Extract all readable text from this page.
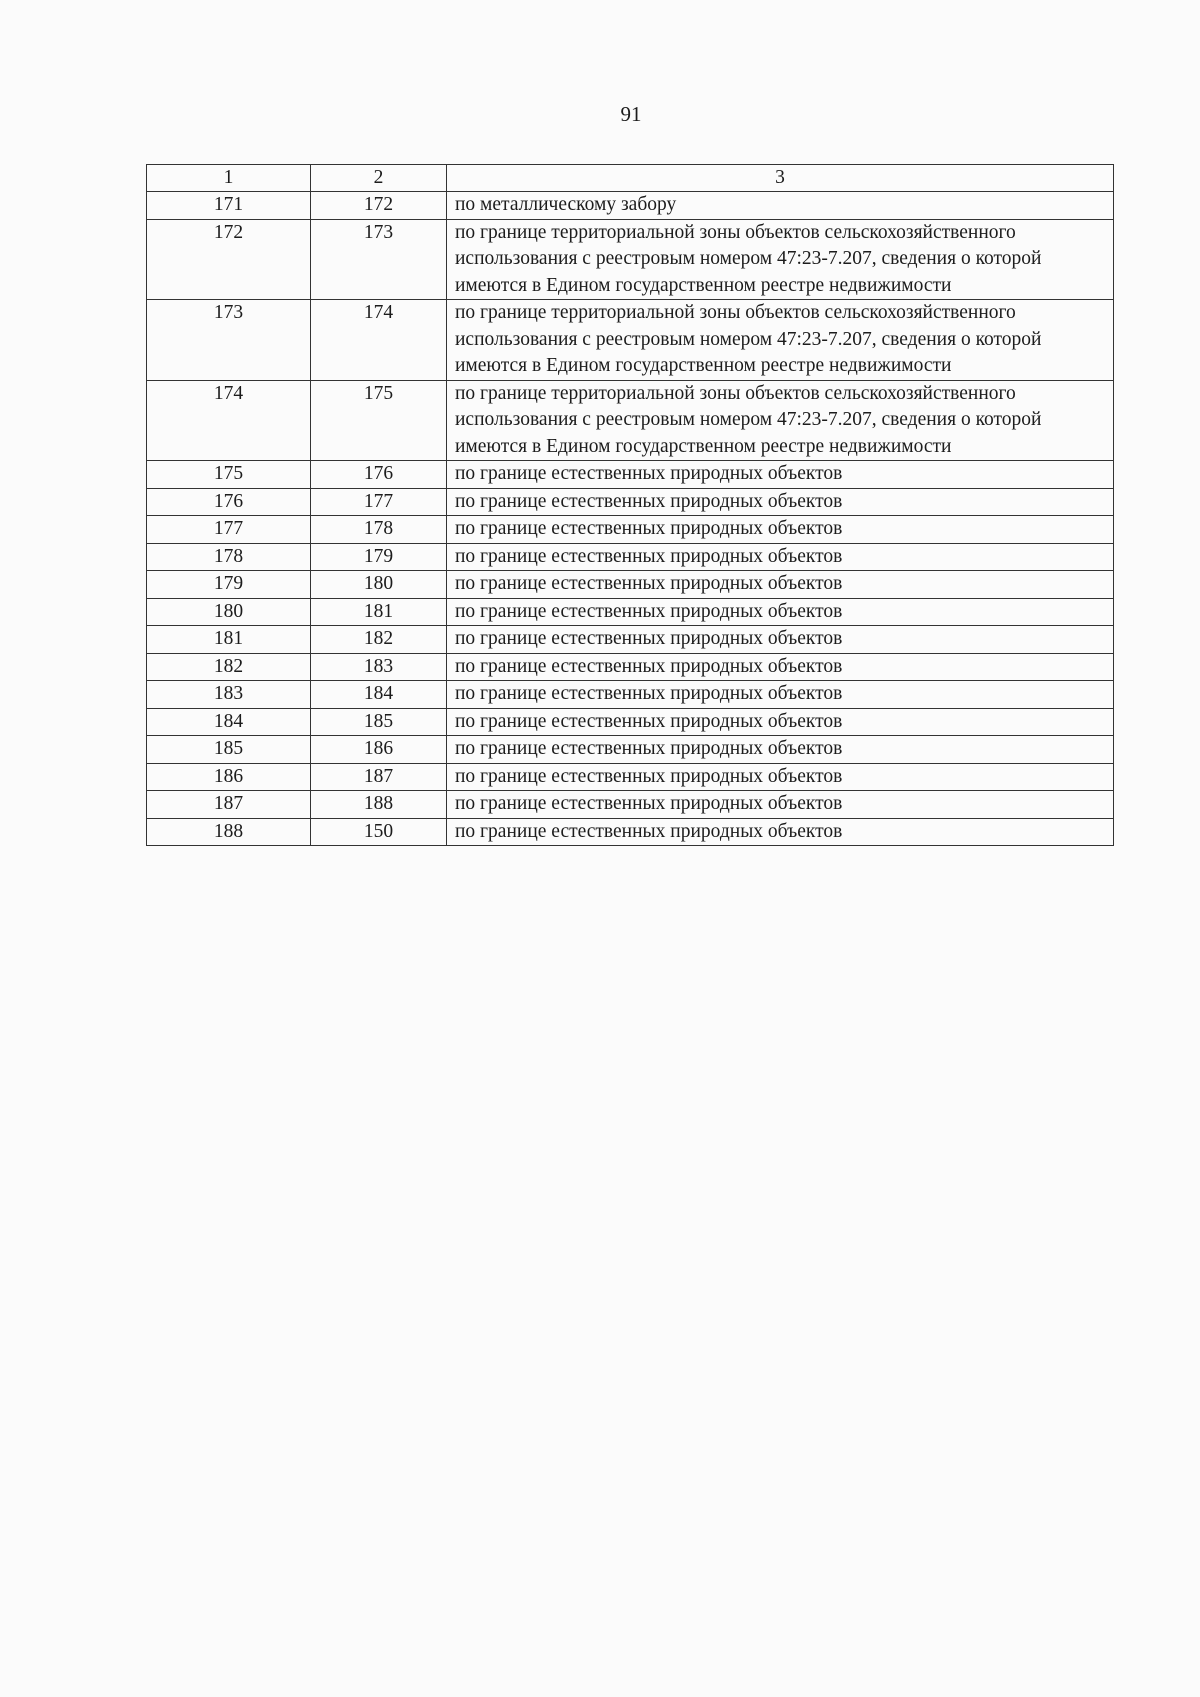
91
1	2	3
171	172	по металлическому забору
172	173	по границе территориальной зоны объектов сельскохозяйственного использования с реестровым номером 47:23-7.207, сведения о которой имеются в Едином государственном реестре недвижимости
173	174	по границе территориальной зоны объектов сельскохозяйственного использования с реестровым номером 47:23-7.207, сведения о которой имеются в Едином государственном реестре недвижимости
174	175	по границе территориальной зоны объектов сельскохозяйственного использования с реестровым номером 47:23-7.207, сведения о которой имеются в Едином государственном реестре недвижимости
175	176	по границе естественных природных объектов
176	177	по границе естественных природных объектов
177	178	по границе естественных природных объектов
178	179	по границе естественных природных объектов
179	180	по границе естественных природных объектов
180	181	по границе естественных природных объектов
181	182	по границе естественных природных объектов
182	183	по границе естественных природных объектов
183	184	по границе естественных природных объектов
184	185	по границе естественных природных объектов
185	186	по границе естественных природных объектов
186	187	по границе естественных природных объектов
187	188	по границе естественных природных объектов
188	150	по границе естественных природных объектов
